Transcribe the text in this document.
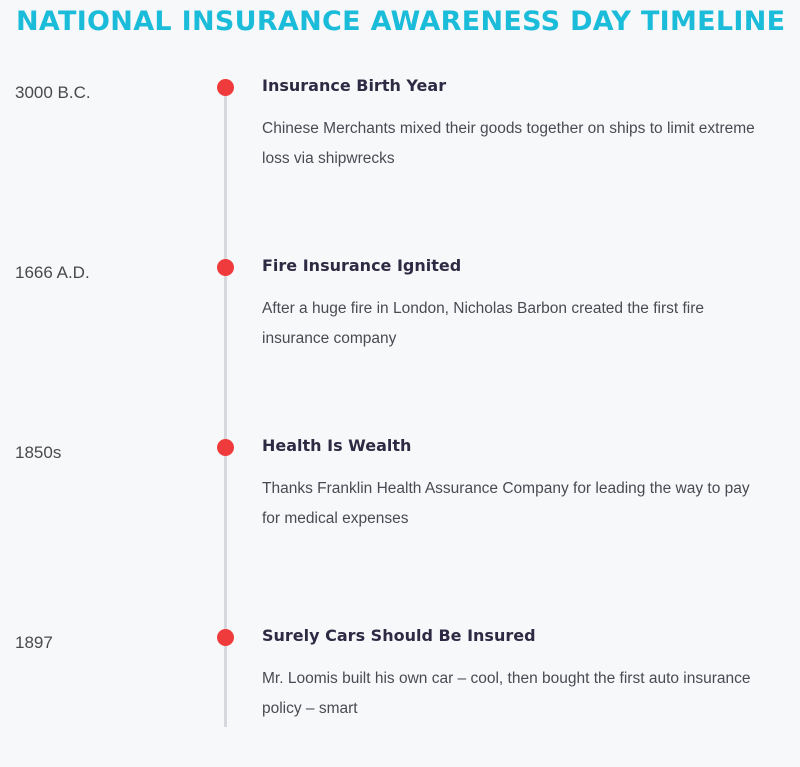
NATIONAL INSURANCE AWARENESS DAY TIMELINE
3000 B.C.	Insurance Birth Year

Chinese Merchants mixed their goods together on ships to limit extreme loss via shipwrecks

1666 A.D.	Fire Insurance Ignited

After a huge fire in London, Nicholas Barbon created the first fire insurance company

1850s	Health Is Wealth

Thanks Franklin Health Assurance Company for leading the way to pay for medical expenses

1897	Surely Cars Should Be Insured

Mr. Loomis built his own car – cool, then bought the first auto insurance policy – smart
